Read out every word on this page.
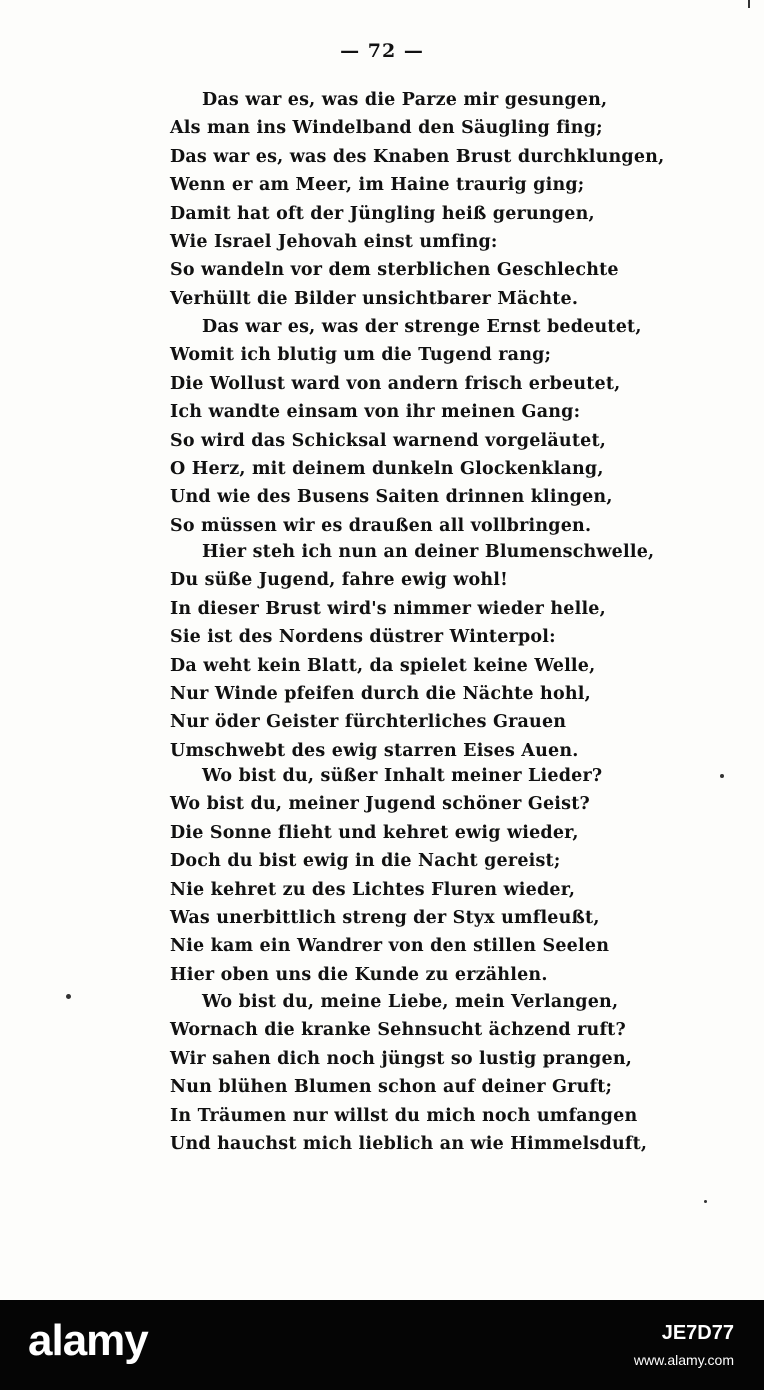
— 72 —
Das war es, was die Parze mir gesungen,
Als man ins Windelband den Säugling fing;
Das war es, was des Knaben Brust durchklungen,
Wenn er am Meer, im Haine traurig ging;
Damit hat oft der Jüngling heiß gerungen,
Wie Israel Jehovah einst umfing:
So wandeln vor dem sterblichen Geschlechte
Verhüllt die Bilder unsichtbarer Mächte.
Das war es, was der strenge Ernst bedeutet,
Womit ich blutig um die Tugend rang;
Die Wollust ward von andern frisch erbeutet,
Ich wandte einsam von ihr meinen Gang:
So wird das Schicksal warnend vorgeläutet,
O Herz, mit deinem dunkeln Glockenklang,
Und wie des Busens Saiten drinnen klingen,
So müssen wir es draußen all vollbringen.
Hier steh ich nun an deiner Blumenschwelle,
Du süße Jugend, fahre ewig wohl!
In dieser Brust wird's nimmer wieder helle,
Sie ist des Nordens düstrer Winterpol:
Da weht kein Blatt, da spielet keine Welle,
Nur Winde pfeifen durch die Nächte hohl,
Nur öder Geister fürchterliches Grauen
Umschwebt des ewig starren Eises Auen.
Wo bist du, süßer Inhalt meiner Lieder?
Wo bist du, meiner Jugend schöner Geist?
Die Sonne flieht und kehret ewig wieder,
Doch du bist ewig in die Nacht gereist;
Nie kehret zu des Lichtes Fluren wieder,
Was unerbittlich streng der Styx umfleußt,
Nie kam ein Wandrer von den stillen Seelen
Hier oben uns die Kunde zu erzählen.
Wo bist du, meine Liebe, mein Verlangen,
Wornach die kranke Sehnsucht ächzend ruft?
Wir sahen dich noch jüngst so lustig prangen,
Nun blühen Blumen schon auf deiner Gruft;
In Träumen nur willst du mich noch umfangen
Und hauchst mich lieblich an wie Himmelsduft,
alamy	JE7D77
www.alamy.com
